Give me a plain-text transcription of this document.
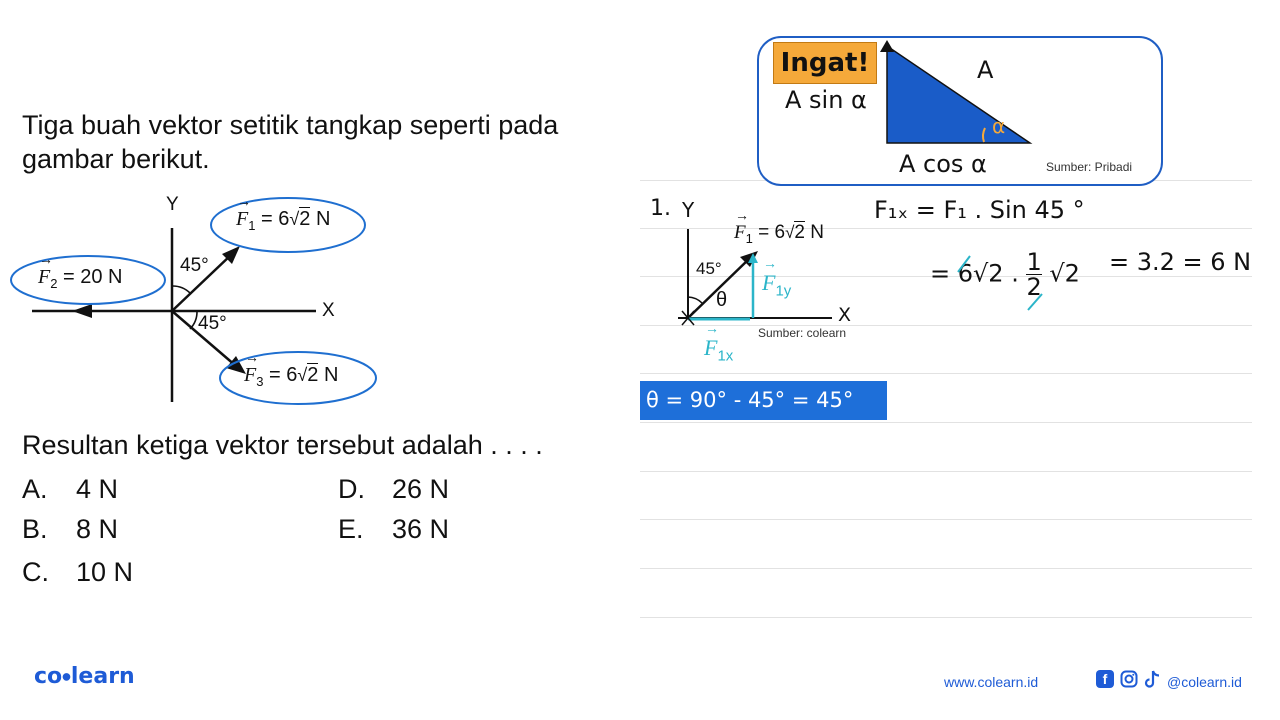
Tiga buah vektor setitik tangkap seperti pada
gambar berikut.
Y
X
45°
45°
→
$F_1 = 6√2$ N
→
$F_2 = 20$ N
→
$F_3 = 6√2$ N
Resultan ketiga vektor tersebut adalah . . . .
A. 4 N
B. 8 N
C. 10 N
D. 26 N
E. 36 N
Ingat!	A
A sin α
α
A cos α	Sumber: Pribadi
1. Y	→
$F_1 = 6√2$ N
45°
θ
→
$F_{1y}$
X
Sumber: colearn
→
$F_{1x}$
F₁ₓ = F₁ . Sin 45 °
= 6√2 . $\frac{1}{2} √2 = 3.2 = 6$ N
θ = 90° - 45° = 45°
co●learn	www.colearn.id	f	@colearn.id
